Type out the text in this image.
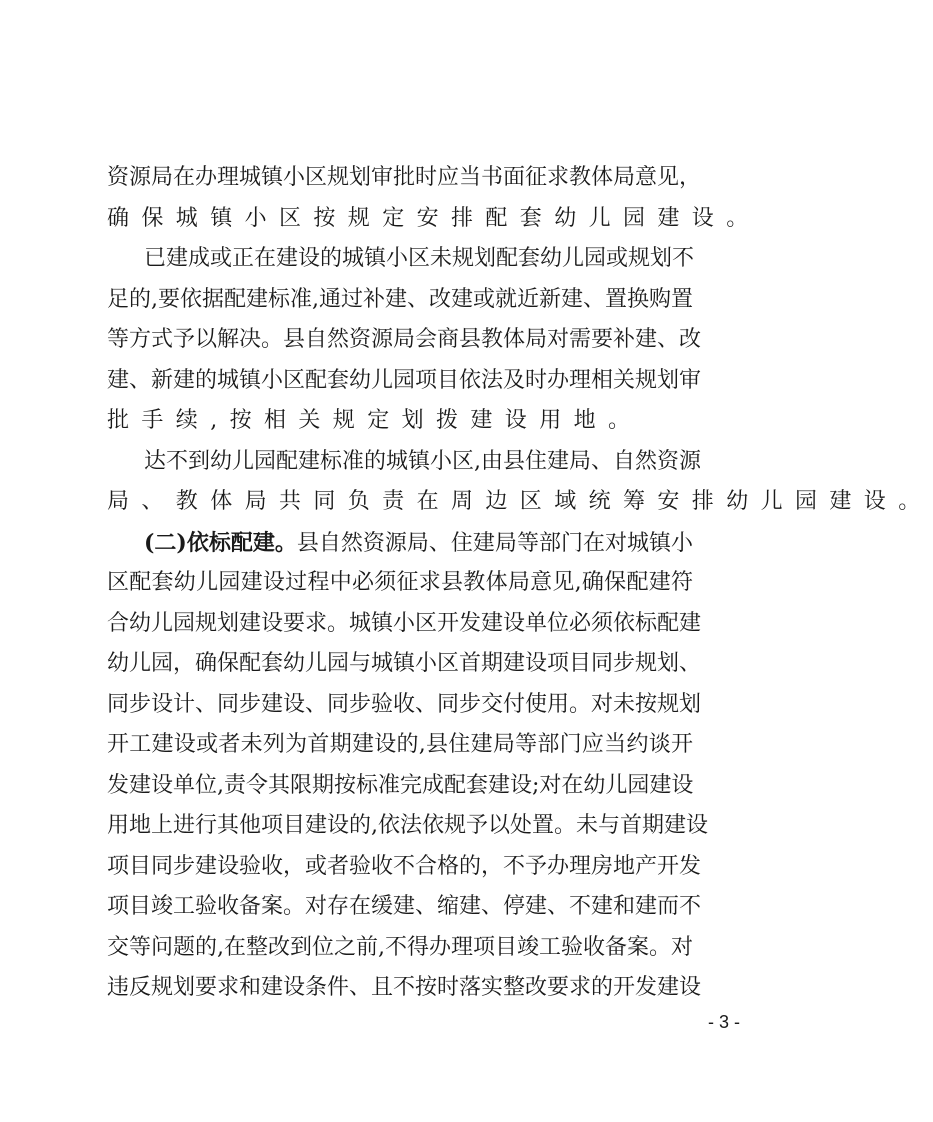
资源局在办理城镇小区规划审批时应当书面征求教体局意见，
确保城镇小区按规定安排配套幼儿园建设。
已建成或正在建设的城镇小区未规划配套幼儿园或规划不
足的,要依据配建标准,通过补建、改建或就近新建、置换购置
等方式予以解决。县自然资源局会商县教体局对需要补建、改
建、新建的城镇小区配套幼儿园项目依法及时办理相关规划审
批手续,按相关规定划拨建设用地。
达不到幼儿园配建标准的城镇小区,由县住建局、自然资源
局、教体局共同负责在周边区域统筹安排幼儿园建设。
(二)依标配建。县自然资源局、住建局等部门在对城镇小
区配套幼儿园建设过程中必须征求县教体局意见,确保配建符
合幼儿园规划建设要求。城镇小区开发建设单位必须依标配建
幼儿园，确保配套幼儿园与城镇小区首期建设项目同步规划、
同步设计、同步建设、同步验收、同步交付使用。对未按规划
开工建设或者未列为首期建设的,县住建局等部门应当约谈开
发建设单位,责令其限期按标准完成配套建设;对在幼儿园建设
用地上进行其他项目建设的,依法依规予以处置。未与首期建设
项目同步建设验收，或者验收不合格的，不予办理房地产开发
项目竣工验收备案。对存在缓建、缩建、停建、不建和建而不
交等问题的,在整改到位之前,不得办理项目竣工验收备案。对
违反规划要求和建设条件、且不按时落实整改要求的开发建设
- 3 -
